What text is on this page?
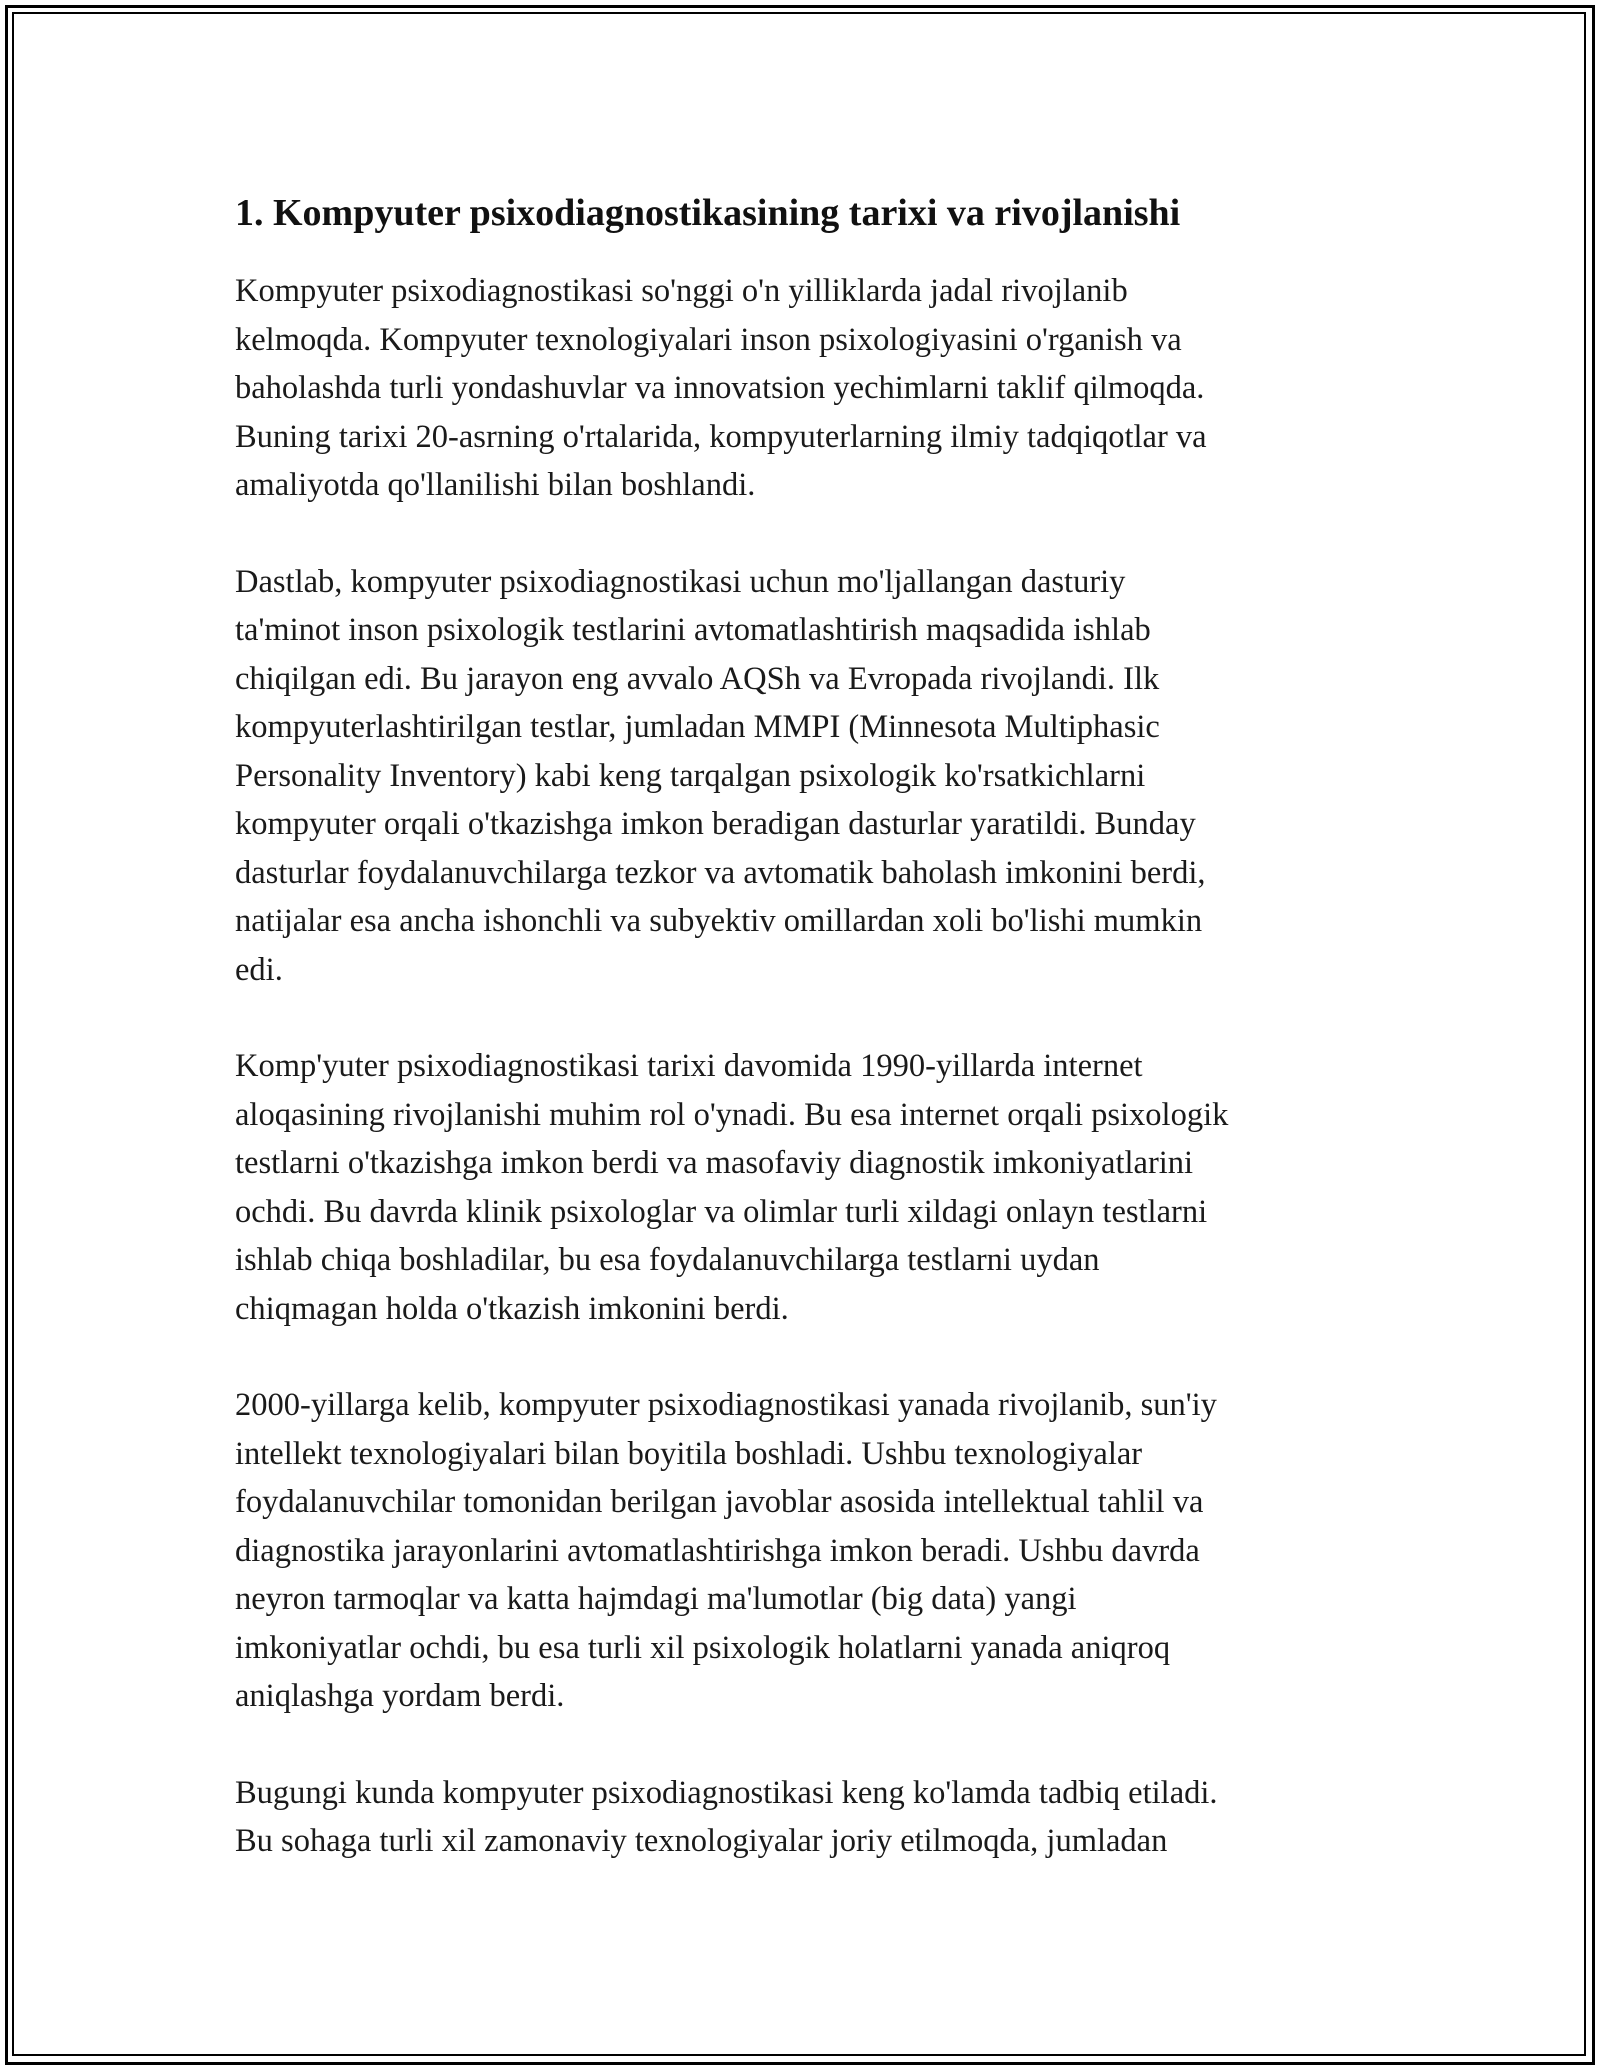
1. Kompyuter psixodiagnostikasining tarixi va rivojlanishi
Kompyuter psixodiagnostikasi so'nggi o'n yilliklarda jadal rivojlanib
kelmoqda. Kompyuter texnologiyalari inson psixologiyasini o'rganish va
baholashda turli yondashuvlar va innovatsion yechimlarni taklif qilmoqda.
Buning tarixi 20-asrning o'rtalarida, kompyuterlarning ilmiy tadqiqotlar va
amaliyotda qo'llanilishi bilan boshlandi.
Dastlab, kompyuter psixodiagnostikasi uchun mo'ljallangan dasturiy
ta'minot inson psixologik testlarini avtomatlashtirish maqsadida ishlab
chiqilgan edi. Bu jarayon eng avvalo AQSh va Evropada rivojlandi. Ilk
kompyuterlashtirilgan testlar, jumladan MMPI (Minnesota Multiphasic
Personality Inventory) kabi keng tarqalgan psixologik ko'rsatkichlarni
kompyuter orqali o'tkazishga imkon beradigan dasturlar yaratildi. Bunday
dasturlar foydalanuvchilarga tezkor va avtomatik baholash imkonini berdi,
natijalar esa ancha ishonchli va subyektiv omillardan xoli bo'lishi mumkin
edi.
Komp'yuter psixodiagnostikasi tarixi davomida 1990-yillarda internet
aloqasining rivojlanishi muhim rol o'ynadi. Bu esa internet orqali psixologik
testlarni o'tkazishga imkon berdi va masofaviy diagnostik imkoniyatlarini
ochdi. Bu davrda klinik psixologlar va olimlar turli xildagi onlayn testlarni
ishlab chiqa boshladilar, bu esa foydalanuvchilarga testlarni uydan
chiqmagan holda o'tkazish imkonini berdi.
2000-yillarga kelib, kompyuter psixodiagnostikasi yanada rivojlanib, sun'iy
intellekt texnologiyalari bilan boyitila boshladi. Ushbu texnologiyalar
foydalanuvchilar tomonidan berilgan javoblar asosida intellektual tahlil va
diagnostika jarayonlarini avtomatlashtirishga imkon beradi. Ushbu davrda
neyron tarmoqlar va katta hajmdagi ma'lumotlar (big data) yangi
imkoniyatlar ochdi, bu esa turli xil psixologik holatlarni yanada aniqroq
aniqlashga yordam berdi.
Bugungi kunda kompyuter psixodiagnostikasi keng ko'lamda tadbiq etiladi.
Bu sohaga turli xil zamonaviy texnologiyalar joriy etilmoqda, jumladan
